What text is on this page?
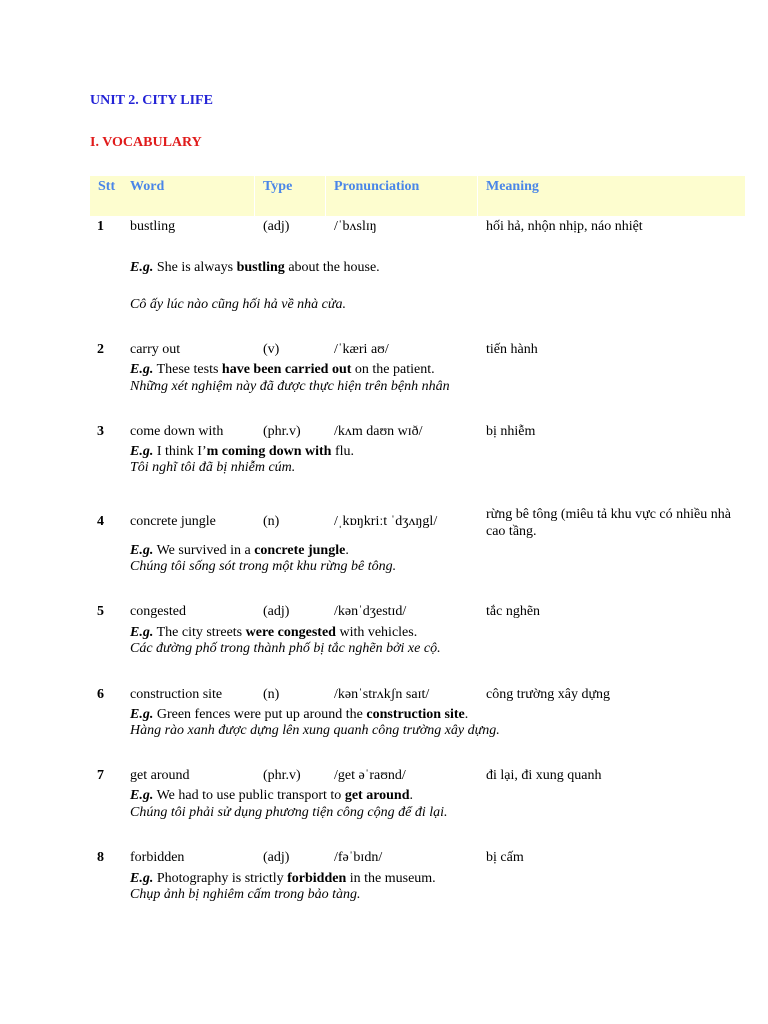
UNIT 2. CITY LIFE
I. VOCABULARY
Stt Word	Type	Pronunciation	Meaning
1 bustling	(adj)	/ˈbʌslɪŋ	hối hả, nhộn nhịp, náo nhiệt
E.g. She is always bustling about the house.
Cô ấy lúc nào cũng hối hả về nhà cửa.
2 carry out	(v)	/ˈkæri aʊ/	tiến hành
E.g. These tests have been carried out on the patient.
Những xét nghiệm này đã được thực hiện trên bệnh nhân
3 come down with	(phr.v) /kʌm daʊn wɪð/	bị nhiễm
E.g. I think I’m coming down with flu.
Tôi nghĩ tôi đã bị nhiễm cúm.
4 concrete jungle	(n)	/ˌkɒŋkriːt ˈdʒʌŋgl/	rừng bê tông (miêu tả khu vực có nhiều nhà cao tầng.
E.g. We survived in a concrete jungle.
Chúng tôi sống sót trong một khu rừng bê tông.
5 congested	(adj)	/kənˈdʒestɪd/	tắc nghẽn
E.g. The city streets were congested with vehicles.
Các đường phố trong thành phố bị tắc nghẽn bởi xe cộ.
6 construction site	(n)	/kənˈstrʌkʃn saɪt/	công trường xây dựng
E.g. Green fences were put up around the construction site.
Hàng rào xanh được dựng lên xung quanh công trường xây dựng.
7 get around	(phr.v) /get əˈraʊnd/	đi lại, đi xung quanh
E.g. We had to use public transport to get around.
Chúng tôi phải sử dụng phương tiện công cộng để đi lại.
8 forbidden	(adj)	/fəˈbɪdn/	bị cấm
E.g. Photography is strictly forbidden in the museum.
Chụp ảnh bị nghiêm cấm trong bảo tàng.
